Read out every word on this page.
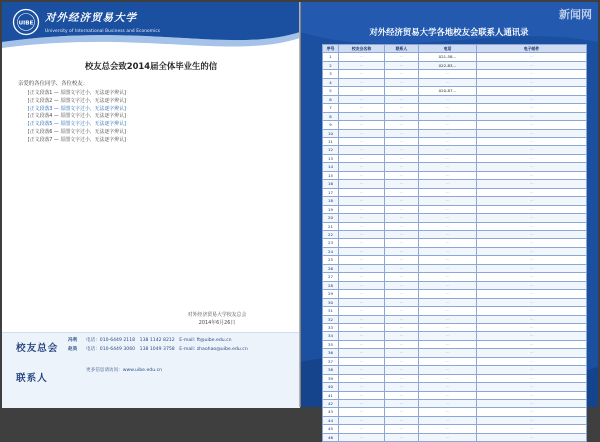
UIBE 对外经济贸易大学
University of International Business and Economics
校友总会致2014届全体毕业生的信
亲爱的各位同学、各位校友：

[正文段落1 — 原图文字过小，无法逐字辨认]

[正文段落2 — 原图文字过小，无法逐字辨认]

[正文段落3 — 原图文字过小，无法逐字辨认]

[正文段落4 — 原图文字过小，无法逐字辨认]

[正文段落5 — 原图文字过小，无法逐字辨认]

[正文段落6 — 原图文字过小，无法逐字辨认]

[正文段落7 — 原图文字过小，无法逐字辨认]

对外经济贸易大学校友总会
2014年6月26日
校友总会
冯利 电话：010-6449 2118　138 1142 8212　E-mail: ft@uibe.edu.cn
赵昊 电话：010-6449 3060　138 1049 3758　E-mail: zhaohao@uibe.edu.cn
联系人
更多信息请访问：www.uibe.edu.cn
新闻网
对外经济贸易大学各地校友会联系人通讯录
序号	校友会名称	联系人	电话	电子邮件
1	···	···	021-58…	···
2	···	···	022-83…	···
3	···	···	···	···
4	···	···	···	···
5	···	···	020-87…	···
6	···	···	···	···
7	···	···	···	···
8	···	···	···	···
9	···	···	···	···
10	···	···	···	···
11	···	···	···	···
12	···	···	···	···
13	···	···	···	···
14	···	···	···	···
15	···	···	···	···
16	···	···	···	···
17	···	···	···	···
18	···	···	···	···
19	···	···	···	···
20	···	···	···	···
21	···	···	···	···
22	···	···	···	···
23	···	···	···	···
24	···	···	···	···
25	···	···	···	···
26	···	···	···	···
27	···	···	···	···
28	···	···	···	···
29	···	···	···	···
30	···	···	···	···
31	···	···	···	···
32	···	···	···	···
33	···	···	···	···
34	···	···	···	···
35	···	···	···	···
36	···	···	···	···
37	···	···	···	···
38	···	···	···	···
39	···	···	···	···
40	···	···	···	···
41	···	···	···	···
42	···	···	···	···
43	···	···	···	···
44	···	···	···	···
45	···	···	···	···
46	···	···	···	···
